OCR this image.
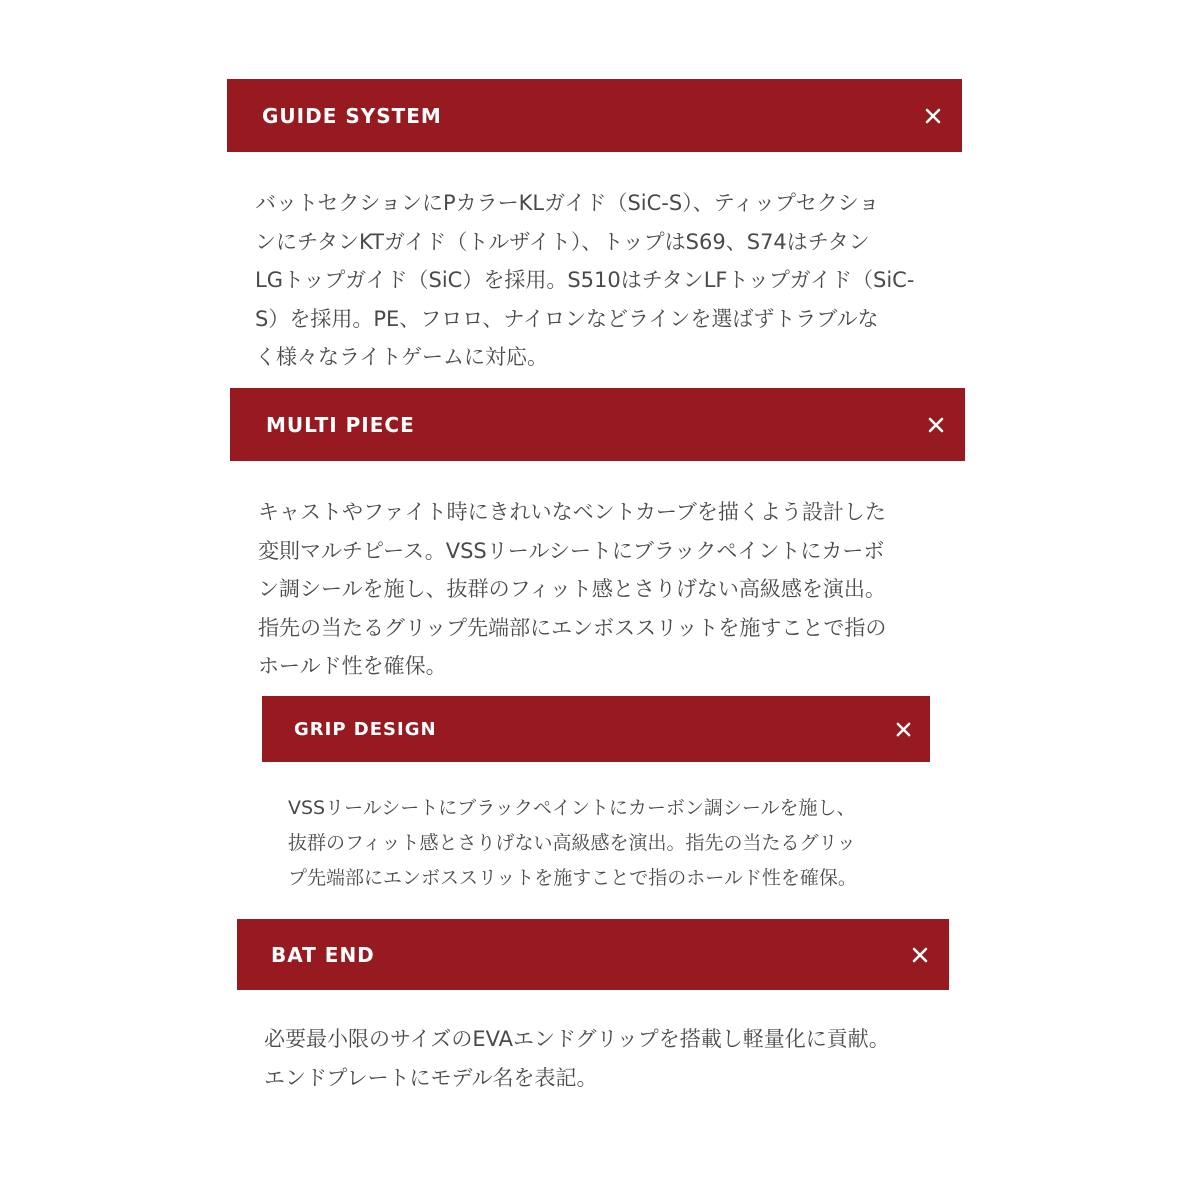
GUIDE SYSTEM

バットセクションにPカラーKLガイド（SiC-S）、ティップセクショ
ンにチタンKTガイド（トルザイト）、トップはS69、S74はチタン
LGトップガイド（SiC）を採用。S510はチタンLFトップガイド（SiC-
S）を採用。PE、フロロ、ナイロンなどラインを選ばずトラブルな
く様々なライトゲームに対応。

MULTI PIECE

キャストやファイト時にきれいなベントカーブを描くよう設計した
変則マルチピース。VSSリールシートにブラックペイントにカーボ
ン調シールを施し、抜群のフィット感とさりげない高級感を演出。
指先の当たるグリップ先端部にエンボススリットを施すことで指の
ホールド性を確保。

GRIP DESIGN

VSSリールシートにブラックペイントにカーボン調シールを施し、
抜群のフィット感とさりげない高級感を演出。指先の当たるグリッ
プ先端部にエンボススリットを施すことで指のホールド性を確保。

BAT END

必要最小限のサイズのEVAエンドグリップを搭載し軽量化に貢献。
エンドプレートにモデル名を表記。
